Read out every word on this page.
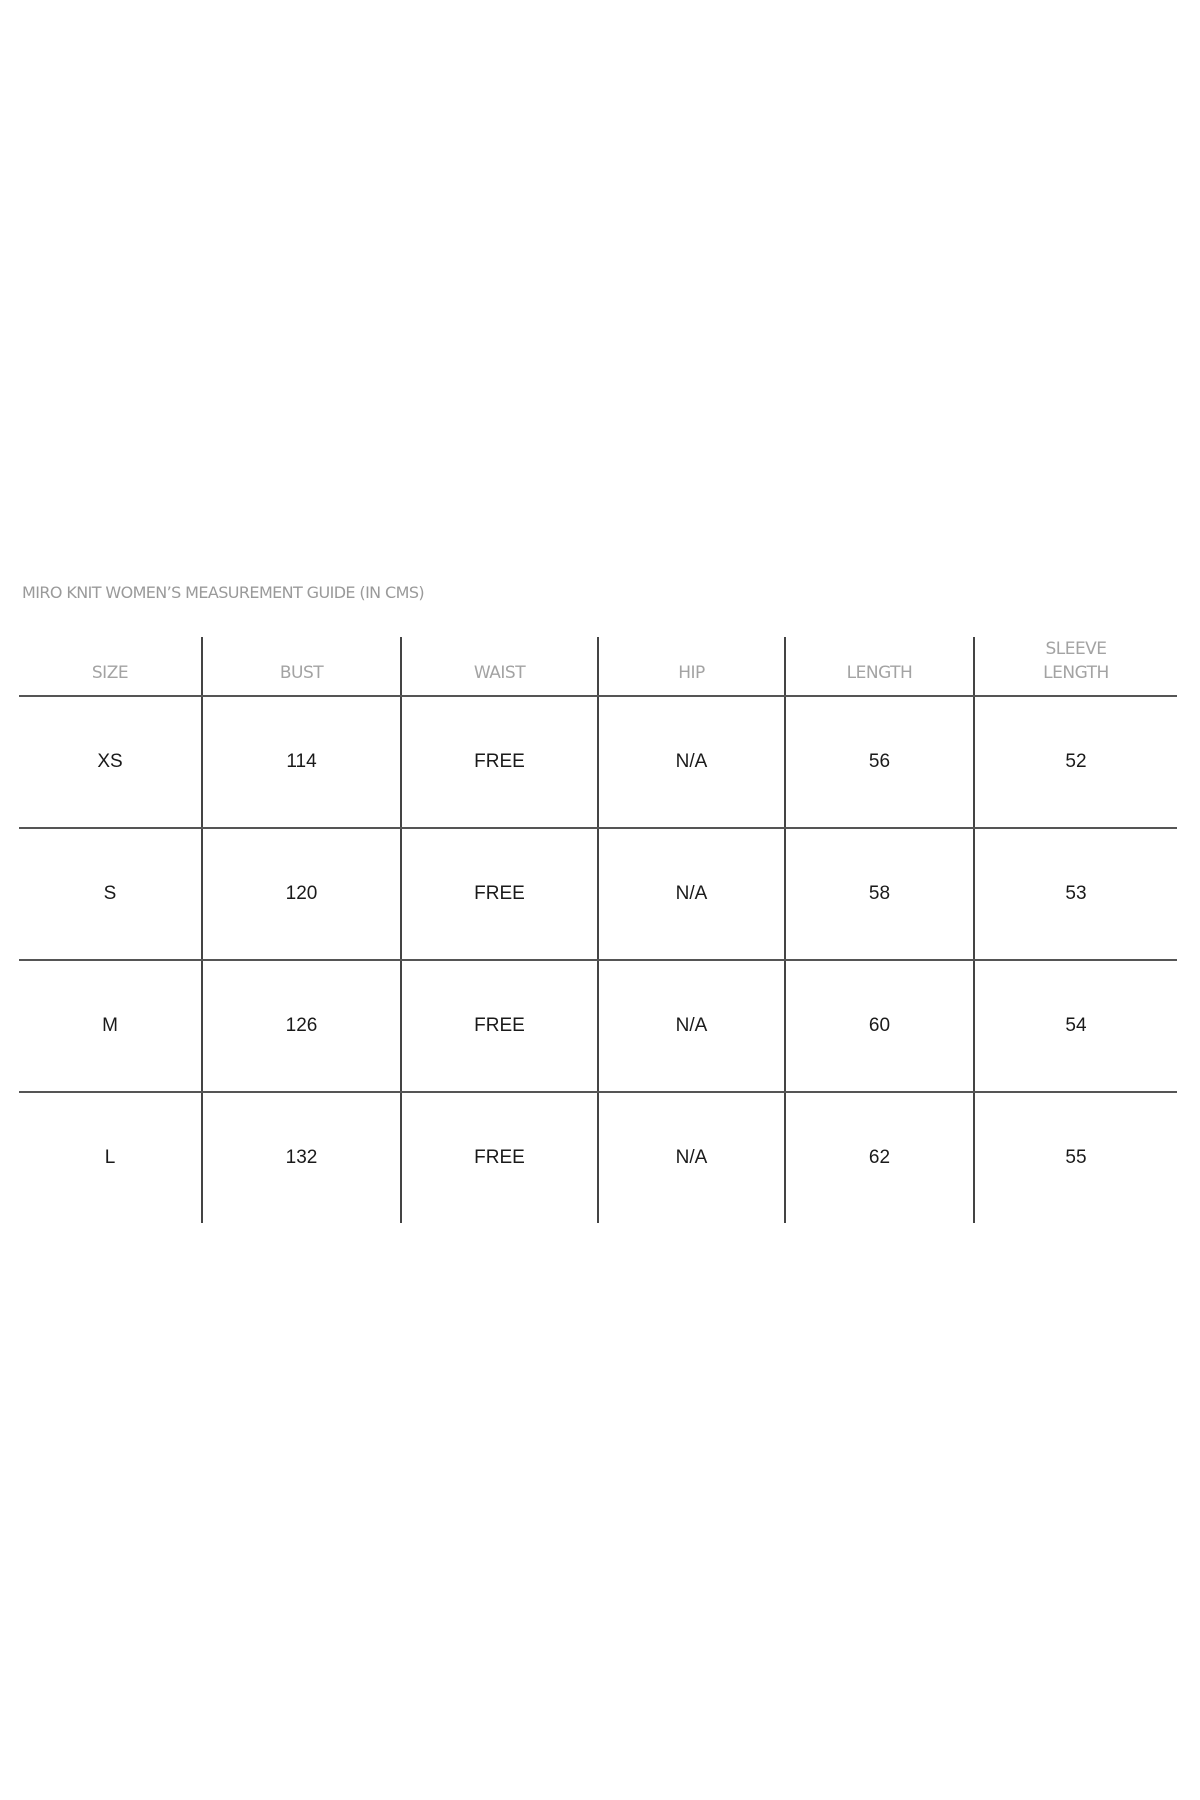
MIRO KNIT WOMEN’S MEASUREMENT GUIDE (IN CMS)
SIZE	BUST	WAIST	HIP	LENGTH	SLEEVE
LENGTH

XS	114	FREE	N/A	56	52
S	120	FREE	N/A	58	53
M	126	FREE	N/A	60	54
L	132	FREE	N/A	62	55
